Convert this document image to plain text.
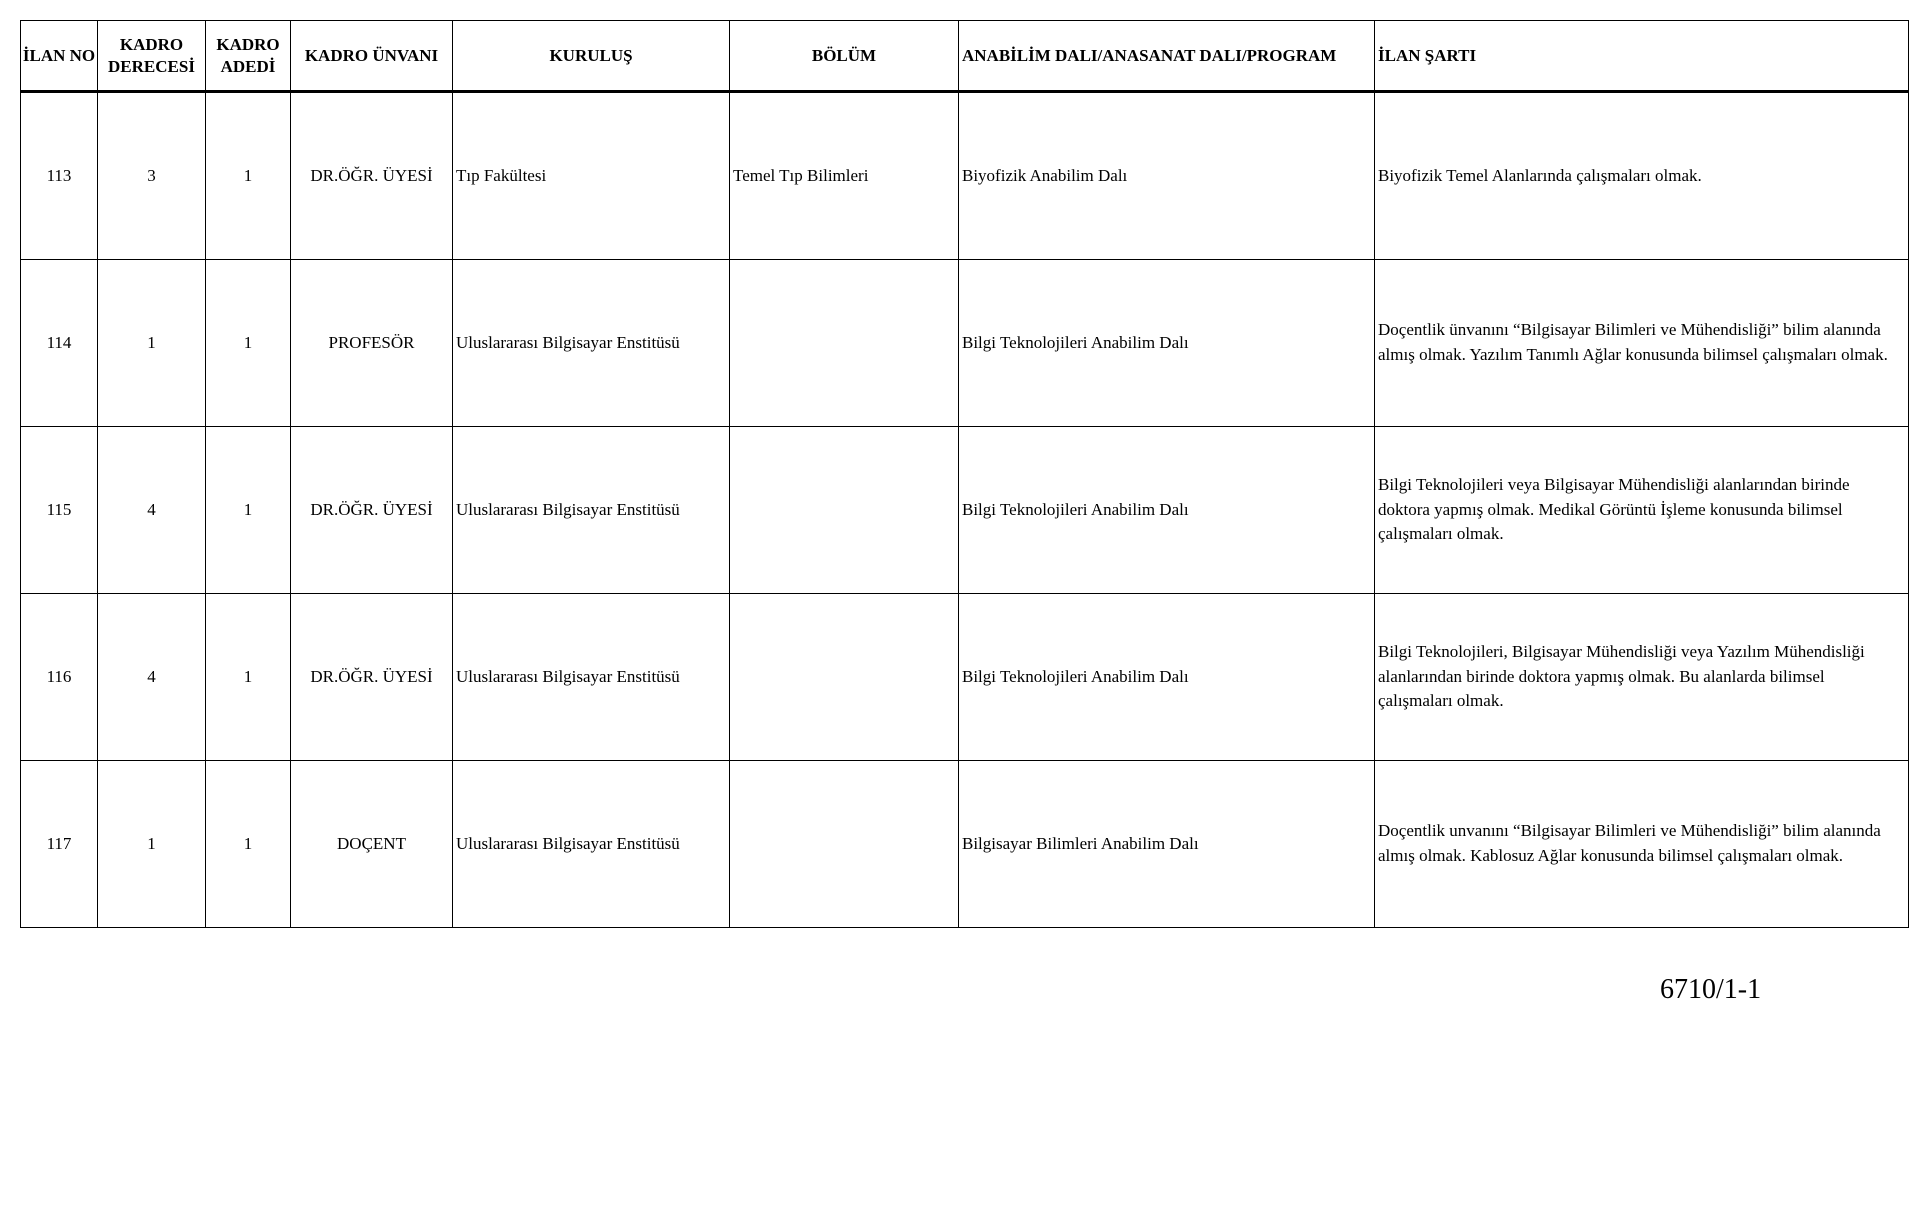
İLAN NO	KADRO DERECESİ	KADRO ADEDİ	KADRO ÜNVANI	KURULUŞ	BÖLÜM	ANABİLİM DALI/ANASANAT DALI/PROGRAM	İLAN ŞARTI
113	3	1	DR.ÖĞR. ÜYESİ	Tıp Fakültesi	Temel Tıp Bilimleri	Biyofizik Anabilim Dalı	Biyofizik Temel Alanlarında çalışmaları olmak.
114	1	1	PROFESÖR	Uluslararası Bilgisayar Enstitüsü		Bilgi Teknolojileri Anabilim Dalı	Doçentlik ünvanını “Bilgisayar Bilimleri ve Mühendisliği” bilim alanında almış olmak. Yazılım Tanımlı Ağlar konusunda bilimsel çalışmaları olmak.
115	4	1	DR.ÖĞR. ÜYESİ	Uluslararası Bilgisayar Enstitüsü		Bilgi Teknolojileri Anabilim Dalı	Bilgi Teknolojileri veya Bilgisayar Mühendisliği alanlarından birinde doktora yapmış olmak. Medikal Görüntü İşleme konusunda bilimsel çalışmaları olmak.
116	4	1	DR.ÖĞR. ÜYESİ	Uluslararası Bilgisayar Enstitüsü		Bilgi Teknolojileri Anabilim Dalı	Bilgi Teknolojileri, Bilgisayar Mühendisliği veya Yazılım Mühendisliği alanlarından birinde doktora yapmış olmak. Bu alanlarda bilimsel çalışmaları olmak.
117	1	1	DOÇENT	Uluslararası Bilgisayar Enstitüsü		Bilgisayar Bilimleri Anabilim Dalı	Doçentlik unvanını “Bilgisayar Bilimleri ve Mühendisliği” bilim alanında almış olmak. Kablosuz Ağlar konusunda bilimsel çalışmaları olmak.
6710/1-1
